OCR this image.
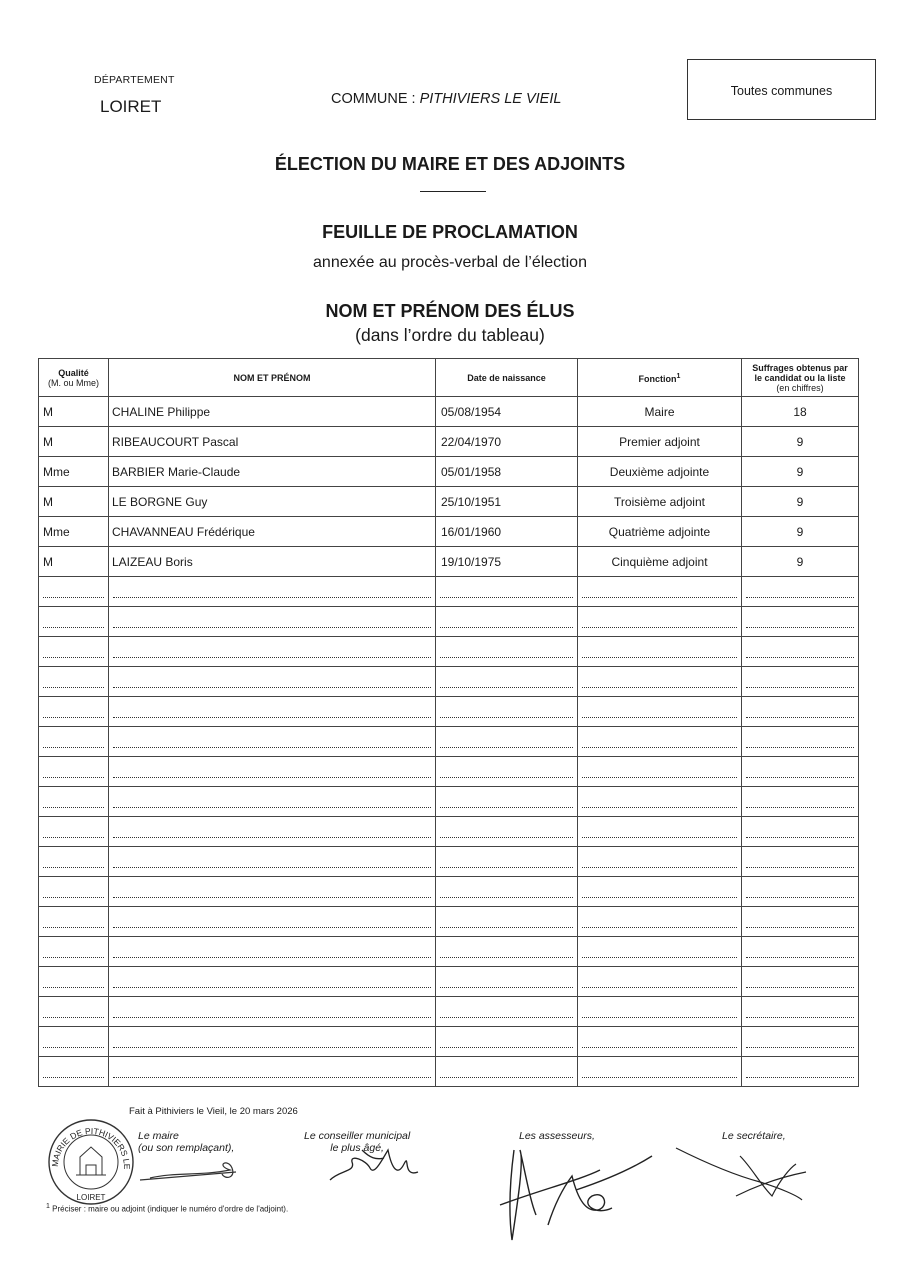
DÉPARTEMENT
LOIRET	COMMUNE : PITHIVIERS LE VIEIL	Toutes communes
ÉLECTION DU MAIRE ET DES ADJOINTS
FEUILLE DE PROCLAMATION
annexée au procès-verbal de l’élection
NOM ET PRÉNOM DES ÉLUS
(dans l’ordre du tableau)
Qualité
(M. ou Mme)	NOM ET PRÉNOM	Date de naissance	Fonction$^1$	Suffrages obtenus par
le candidat ou la liste
(en chiffres)
M	CHALINE Philippe	05/08/1954	Maire	18
M	RIBEAUCOURT Pascal	22/04/1970	Premier adjoint	9
Mme	BARBIER Marie-Claude	05/01/1958	Deuxième adjointe	9
M	LE BORGNE Guy	25/10/1951	Troisième adjoint	9
Mme	CHAVANNEAU Frédérique	16/01/1960	Quatrième adjointe	9
M	LAIZEAU Boris	19/10/1975	Cinquième adjoint	9

Fait à Pithiviers le Vieil, le 20 mars 2026
MAIRIE DE PITHIVIERS LE
LOIRET
Le maire
(ou son remplaçant),
Le conseiller municipal
le plus âgé,
Les assesseurs,	Le secrétaire,
$^1$ Préciser : maire ou adjoint (indiquer le numéro d'ordre de l'adjoint).
